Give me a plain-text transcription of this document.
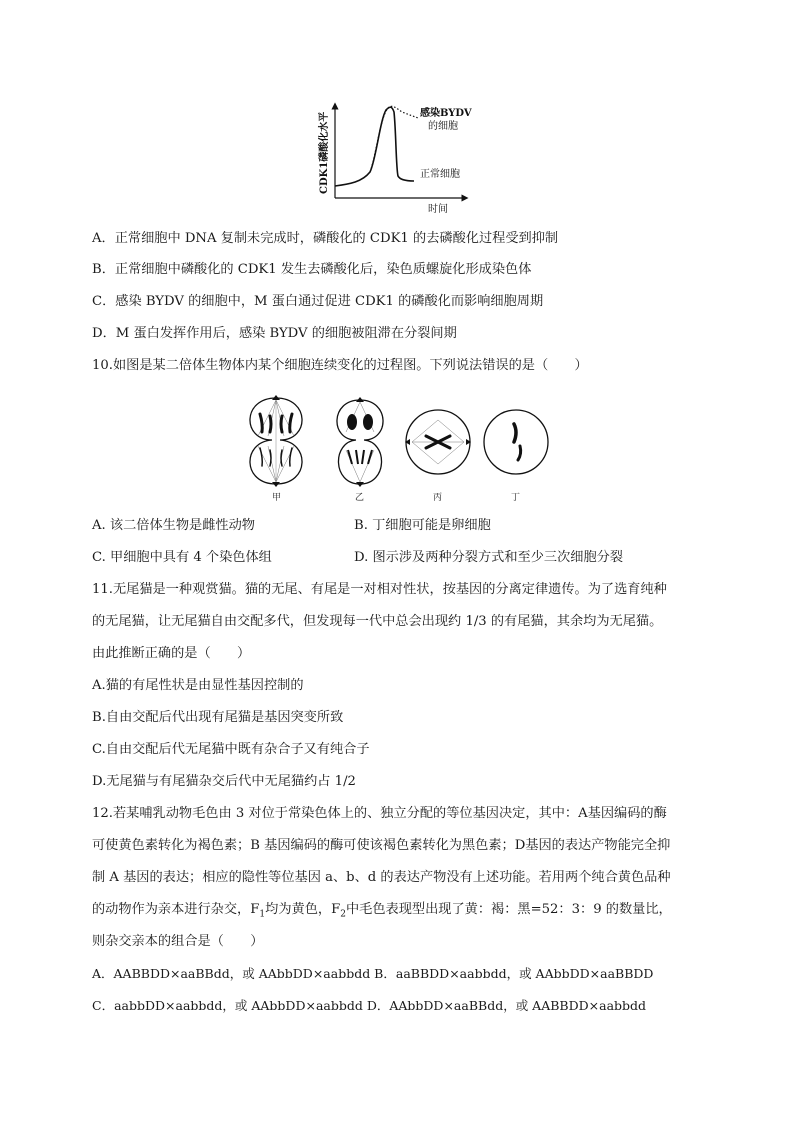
CDK1磷酸化水平
时间
感染BYDV
的细胞
正常细胞
A．正常细胞中 DNA 复制未完成时，磷酸化的 CDK1 的去磷酸化过程受到抑制
B．正常细胞中磷酸化的 CDK1 发生去磷酸化后，染色质螺旋化形成染色体
C．感染 BYDV 的细胞中，M 蛋白通过促进 CDK1 的磷酸化而影响细胞周期
D．M 蛋白发挥作用后，感染 BYDV 的细胞被阻滞在分裂间期
10.如图是某二倍体生物体内某个细胞连续变化的过程图。下列说法错误的是（　　）
甲	乙	丙	丁
A. 该二倍体生物是雌性动物	B. 丁细胞可能是卵细胞
C. 甲细胞中具有 4 个染色体组	D. 图示涉及两种分裂方式和至少三次细胞分裂
11.无尾猫是一种观赏猫。猫的无尾、有尾是一对相对性状，按基因的分离定律遗传。为了选育纯种
的无尾猫，让无尾猫自由交配多代，但发现每一代中总会出现约 1/3 的有尾猫，其余均为无尾猫。
由此推断正确的是（　　）
A.猫的有尾性状是由显性基因控制的
B.自由交配后代出现有尾猫是基因突变所致
C.自由交配后代无尾猫中既有杂合子又有纯合子
D.无尾猫与有尾猫杂交后代中无尾猫约占 1/2
12.若某哺乳动物毛色由 3 对位于常染色体上的、独立分配的等位基因决定，其中：A基因编码的酶
可使黄色素转化为褐色素；B 基因编码的酶可使该褐色素转化为黑色素；D基因的表达产物能完全抑
制 A 基因的表达；相应的隐性等位基因 a、b、d 的表达产物没有上述功能。若用两个纯合黄色品种
的动物作为亲本进行杂交，$F_1$均为黄色，$F_2$中毛色表现型出现了黄：褐：黑=52：3：9 的数量比，
则杂交亲本的组合是（　　）
A．AABBDD×aaBBdd，或 AAbbDD×aabbdd B．aaBBDD×aabbdd，或 AAbbDD×aaBBDD
C．aabbDD×aabbdd，或 AAbbDD×aabbdd D．AAbbDD×aaBBdd，或 AABBDD×aabbdd
